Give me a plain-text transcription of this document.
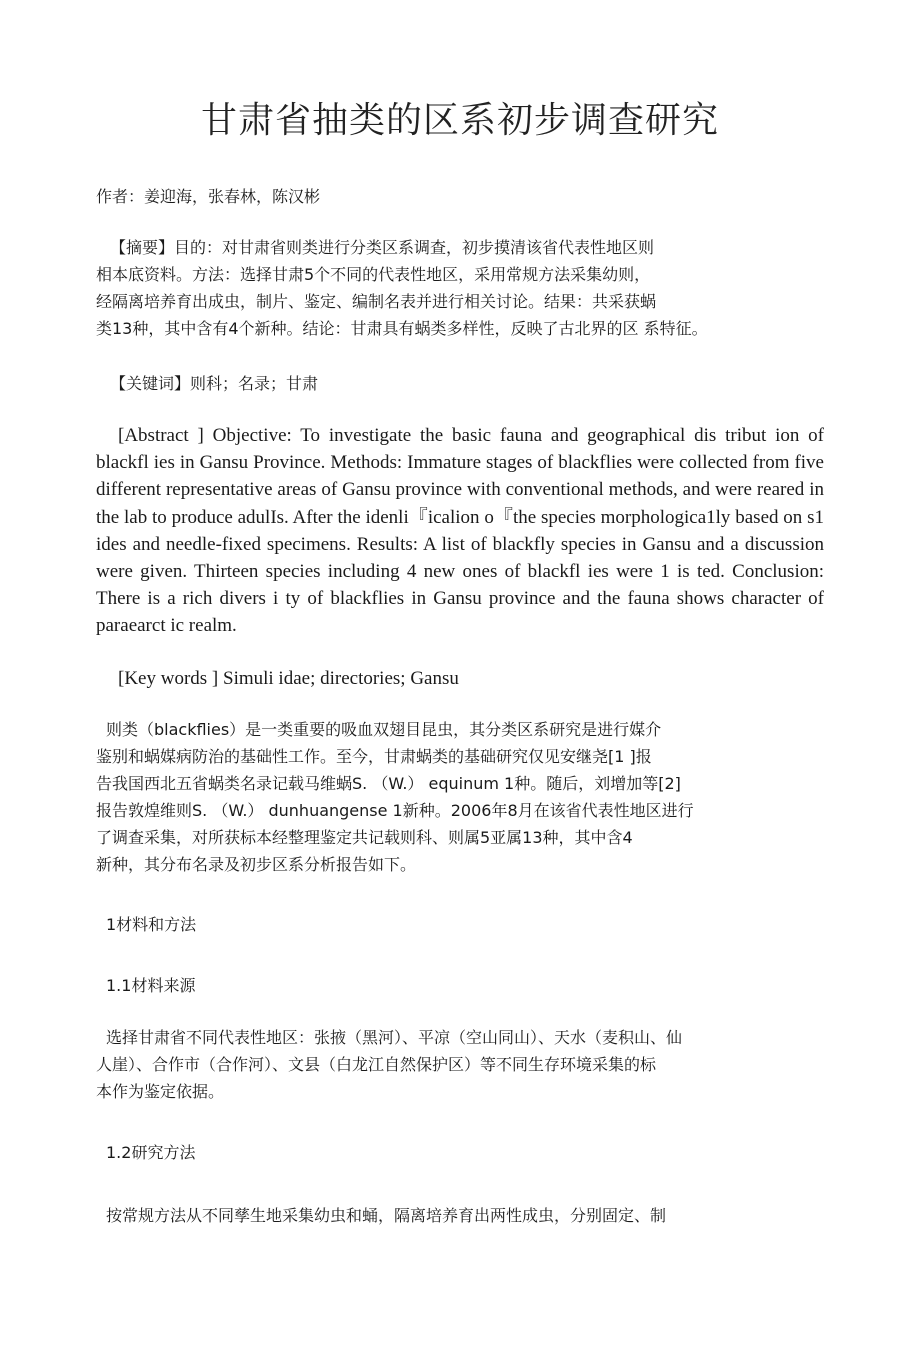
甘肃省抽类的区系初步调查研究

作者：姜迎海，张春林，陈汉彬

【摘要】目的：对甘肃省则类进行分类区系调查，初步摸清该省代表性地区则
相本底资料。方法：选择甘肃5个不同的代表性地区，采用常规方法采集幼则，
经隔离培养育出成虫，制片、鉴定、编制名表并进行相关讨论。结果：共采获蜗
类13种，其中含有4个新种。结论：甘肃具有蜗类多样性，反映了古北界的区 系特征。

【关键词】则科；名录；甘肃

[Abstract ] Objective: To investigate the basic fauna and geographical dis tribut ion of blackfl ies in Gansu Province. Methods: Immature stages of blackflies were collected from five different representative areas of Gansu province with conventional methods, and were reared in the lab to produce adulIs. After the idenli『icalion o『the species morphologica1ly based on s1 ides and needle-fixed specimens. Results: A list of blackfly species in Gansu and a discussion were given. Thirteen species including 4 new ones of blackfl ies were 1 is ted. Conclusion: There is a rich divers i ty of blackflies in Gansu province and the fauna shows character of paraearct ic realm.

[Key words ] Simuli idae; directories; Gansu

则类（blackflies）是一类重要的吸血双翅目昆虫，其分类区系研究是进行媒介
鉴别和蜗媒病防治的基础性工作。至今，甘肃蜗类的基础研究仅见安继尧[1 ]报
告我国西北五省蜗类名录记载马维蜗S. （W.） equinum 1种。随后，刘增加等[2]
报告敦煌维则S. （W.） dunhuangense 1新种。2006年8月在该省代表性地区进行
了调查采集，对所获标本经整理鉴定共记载则科、则属5亚属13种，其中含4
新种，其分布名录及初步区系分析报告如下。

1材料和方法

1.1材料来源

选择甘肃省不同代表性地区：张掖（黑河）、平凉（空山同山）、天水（麦积山、仙
人崖）、合作市（合作河）、文县（白龙江自然保护区）等不同生存环境采集的标
本作为鉴定依据。

1.2研究方法

按常规方法从不同孳生地采集幼虫和蛹，隔离培养育出两性成虫，分别固定、制
